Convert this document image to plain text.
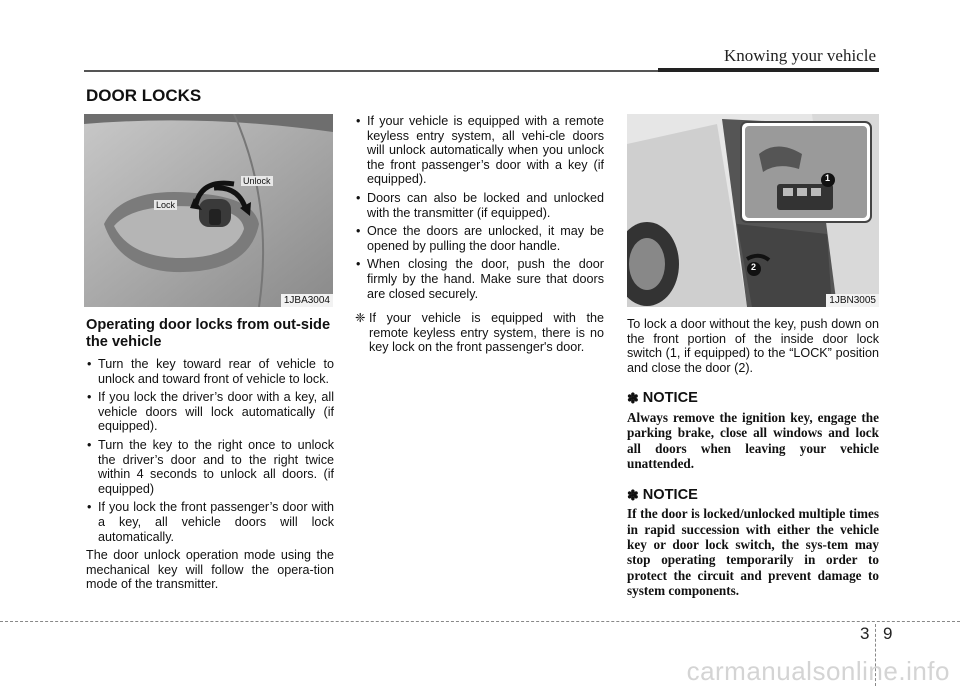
Knowing your vehicle
DOOR LOCKS
Lock
Unlock
1JBA3004
1
2
1JBN3005
Operating door locks from out-side the vehicle
• Turn the key toward rear of vehicle to unlock and toward front of vehicle to lock.
• If you lock the driver’s door with a key, all vehicle doors will lock automatically (if equipped).
• Turn the key to the right once to unlock the driver’s door and to the right twice within 4 seconds to unlock all doors. (if equipped)
• If you lock the front passenger’s door with a key, all vehicle doors will lock automatically.

The door unlock operation mode using the mechanical key will follow the opera-tion mode of the transmitter.

• If your vehicle is equipped with a remote keyless entry system, all vehi-cle doors will unlock automatically when you unlock the front passenger’s door with a key (if equipped).
• Doors can also be locked and unlocked with the transmitter (if equipped).
• Once the doors are unlocked, it may be opened by pulling the door handle.
• When closing the door, push the door firmly by the hand. Make sure that doors are closed securely.
❈ If your vehicle is equipped with the remote keyless entry system, there is no key lock on the front passenger's door.

To lock a door without the key, push down on the front portion of the inside door lock switch (1, if equipped) to the “LOCK” position and close the door (2).

✽ NOTICE

Always remove the ignition key, engage the parking brake, close all windows and lock all doors when leaving your vehicle unattended.

✽ NOTICE

If the door is locked/unlocked multiple times in rapid succession with either the vehicle key or door lock switch, the sys-tem may stop operating temporarily in order to protect the circuit and prevent damage to system components.

3 9
carmanualsonline.info
